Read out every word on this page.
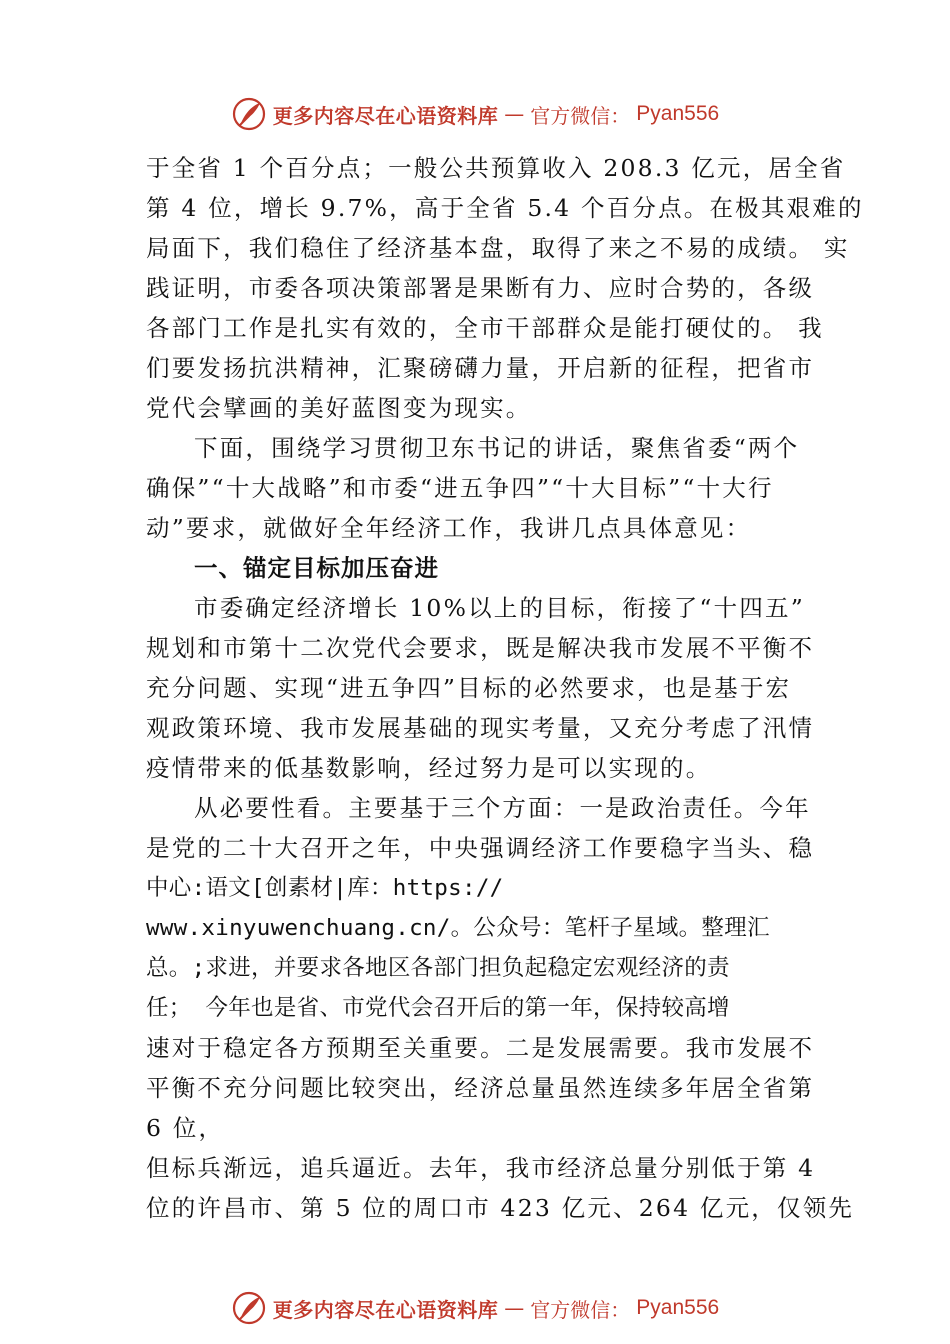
更多内容尽在心语资料库 — 官方微信： Pyan556
于全省 1 个百分点；一般公共预算收入 208.3 亿元，居全省
第 4 位，增长 9.7%，高于全省 5.4 个百分点。在极其艰难的
局面下，我们稳住了经济基本盘，取得了来之不易的成绩。 实
践证明，市委各项决策部署是果断有力、应时合势的，各级
各部门工作是扎实有效的，全市干部群众是能打硬仗的。 我
们要发扬抗洪精神，汇聚磅礴力量，开启新的征程，把省市
党代会擘画的美好蓝图变为现实。
下面，围绕学习贯彻卫东书记的讲话，聚焦省委“两个
确保”“十大战略”和市委“进五争四”“十大目标”“十大行
动”要求，就做好全年经济工作，我讲几点具体意见：
一、锚定目标加压奋进
市委确定经济增长 10%以上的目标，衔接了“十四五”
规划和市第十二次党代会要求，既是解决我市发展不平衡不
充分问题、实现“进五争四”目标的必然要求，也是基于宏
观政策环境、我市发展基础的现实考量，又充分考虑了汛情
疫情带来的低基数影响，经过努力是可以实现的。
从必要性看。主要基于三个方面：一是政治责任。今年
是党的二十大召开之年，中央强调经济工作要稳字当头、稳
中心:语文[创素材|库：https://
www.xinyuwenchuang.cn/。公众号：笔杆子星域。整理汇
总。;求进，并要求各地区各部门担负起稳定宏观经济的责
任； 今年也是省、市党代会召开后的第一年，保持较高增
速对于稳定各方预期至关重要。二是发展需要。我市发展不
平衡不充分问题比较突出，经济总量虽然连续多年居全省第
6 位，
但标兵渐远，追兵逼近。去年，我市经济总量分别低于第 4
位的许昌市、第 5 位的周口市 423 亿元、264 亿元，仅领先
更多内容尽在心语资料库 — 官方微信： Pyan556
